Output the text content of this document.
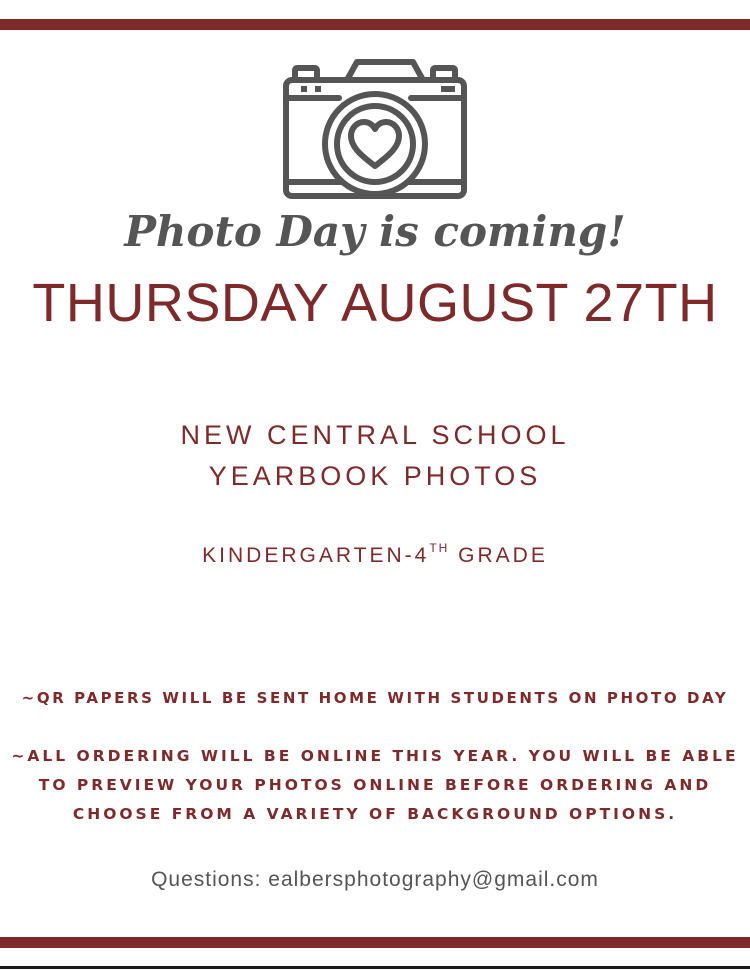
Photo Day is coming!
THURSDAY AUGUST 27TH
NEW CENTRAL SCHOOL
YEARBOOK PHOTOS
KINDERGARTEN-4TH GRADE
~QR PAPERS WILL BE SENT HOME WITH STUDENTS ON PHOTO DAY
~ALL ORDERING WILL BE ONLINE THIS YEAR. YOU WILL BE ABLE
TO PREVIEW YOUR PHOTOS ONLINE BEFORE ORDERING AND
CHOOSE FROM A VARIETY OF BACKGROUND OPTIONS.
Questions: ealbersphotography@gmail.com
